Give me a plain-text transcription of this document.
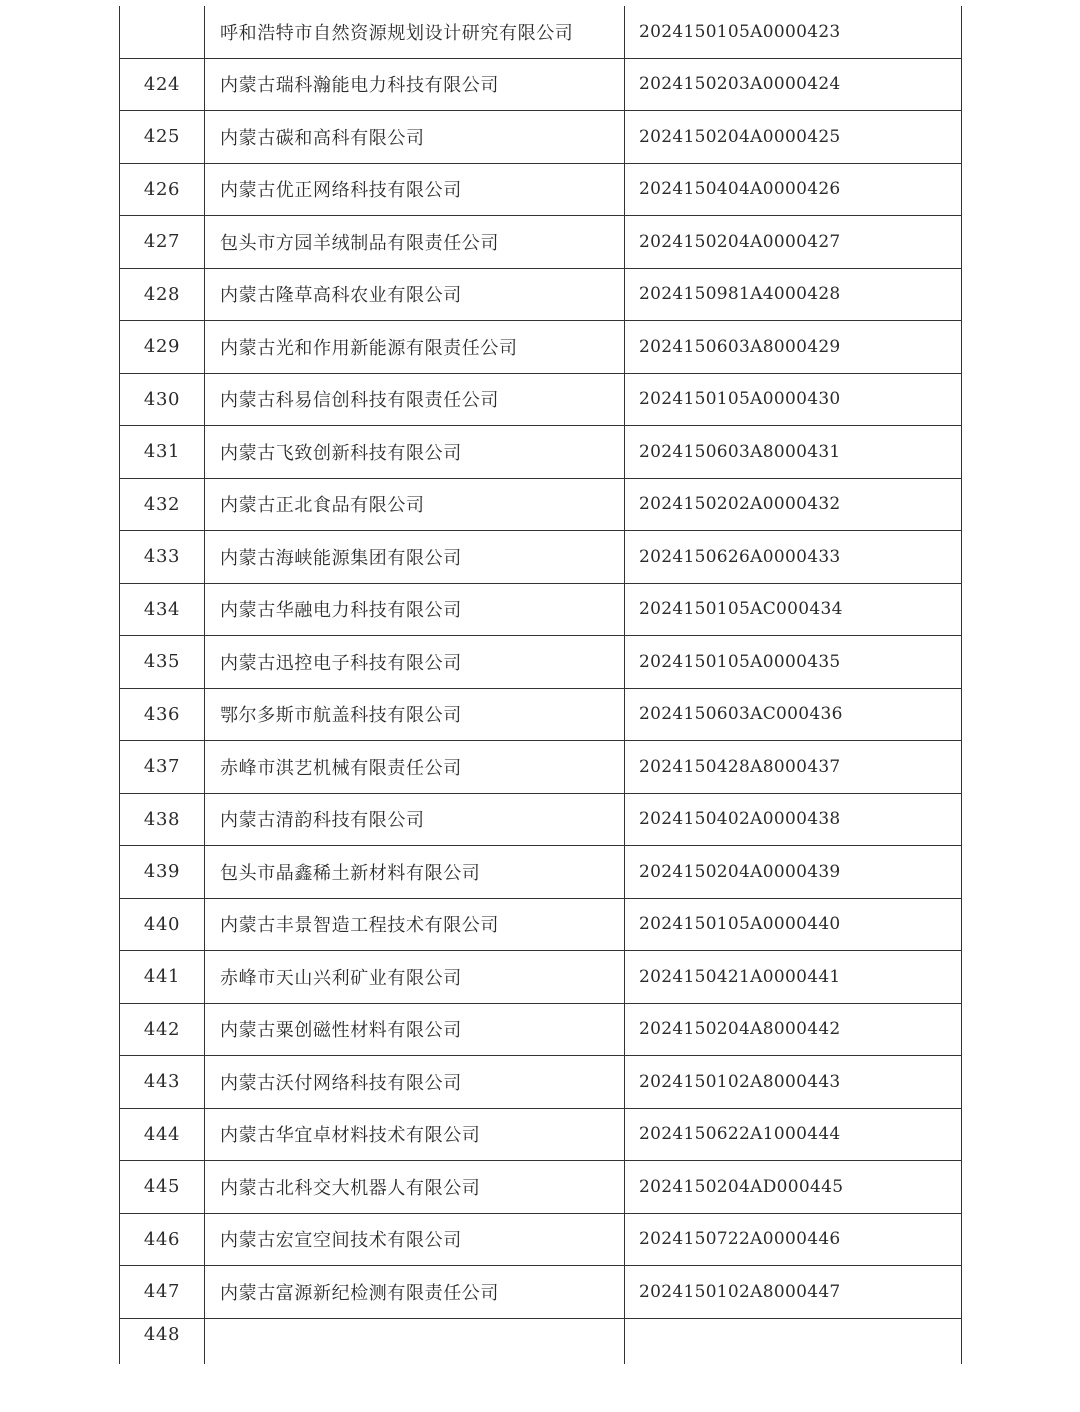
	呼和浩特市自然资源规划设计研究有限公司	2024150105A0000423
424	内蒙古瑞科瀚能电力科技有限公司	2024150203A0000424
425	内蒙古碳和高科有限公司	2024150204A0000425
426	内蒙古优正网络科技有限公司	2024150404A0000426
427	包头市方园羊绒制品有限责任公司	2024150204A0000427
428	内蒙古隆草高科农业有限公司	2024150981A4000428
429	内蒙古光和作用新能源有限责任公司	2024150603A8000429
430	内蒙古科易信创科技有限责任公司	2024150105A0000430
431	内蒙古飞致创新科技有限公司	2024150603A8000431
432	内蒙古正北食品有限公司	2024150202A0000432
433	内蒙古海峡能源集团有限公司	2024150626A0000433
434	内蒙古华融电力科技有限公司	2024150105AC000434
435	内蒙古迅控电子科技有限公司	2024150105A0000435
436	鄂尔多斯市航盖科技有限公司	2024150603AC000436
437	赤峰市淇艺机械有限责任公司	2024150428A8000437
438	内蒙古清韵科技有限公司	2024150402A0000438
439	包头市晶鑫稀土新材料有限公司	2024150204A0000439
440	内蒙古丰景智造工程技术有限公司	2024150105A0000440
441	赤峰市天山兴利矿业有限公司	2024150421A0000441
442	内蒙古粟创磁性材料有限公司	2024150204A8000442
443	内蒙古沃付网络科技有限公司	2024150102A8000443
444	内蒙古华宜卓材料技术有限公司	2024150622A1000444
445	内蒙古北科交大机器人有限公司	2024150204AD000445
446	内蒙古宏宣空间技术有限公司	2024150722A0000446
447	内蒙古富源新纪检测有限责任公司	2024150102A8000447
448		
